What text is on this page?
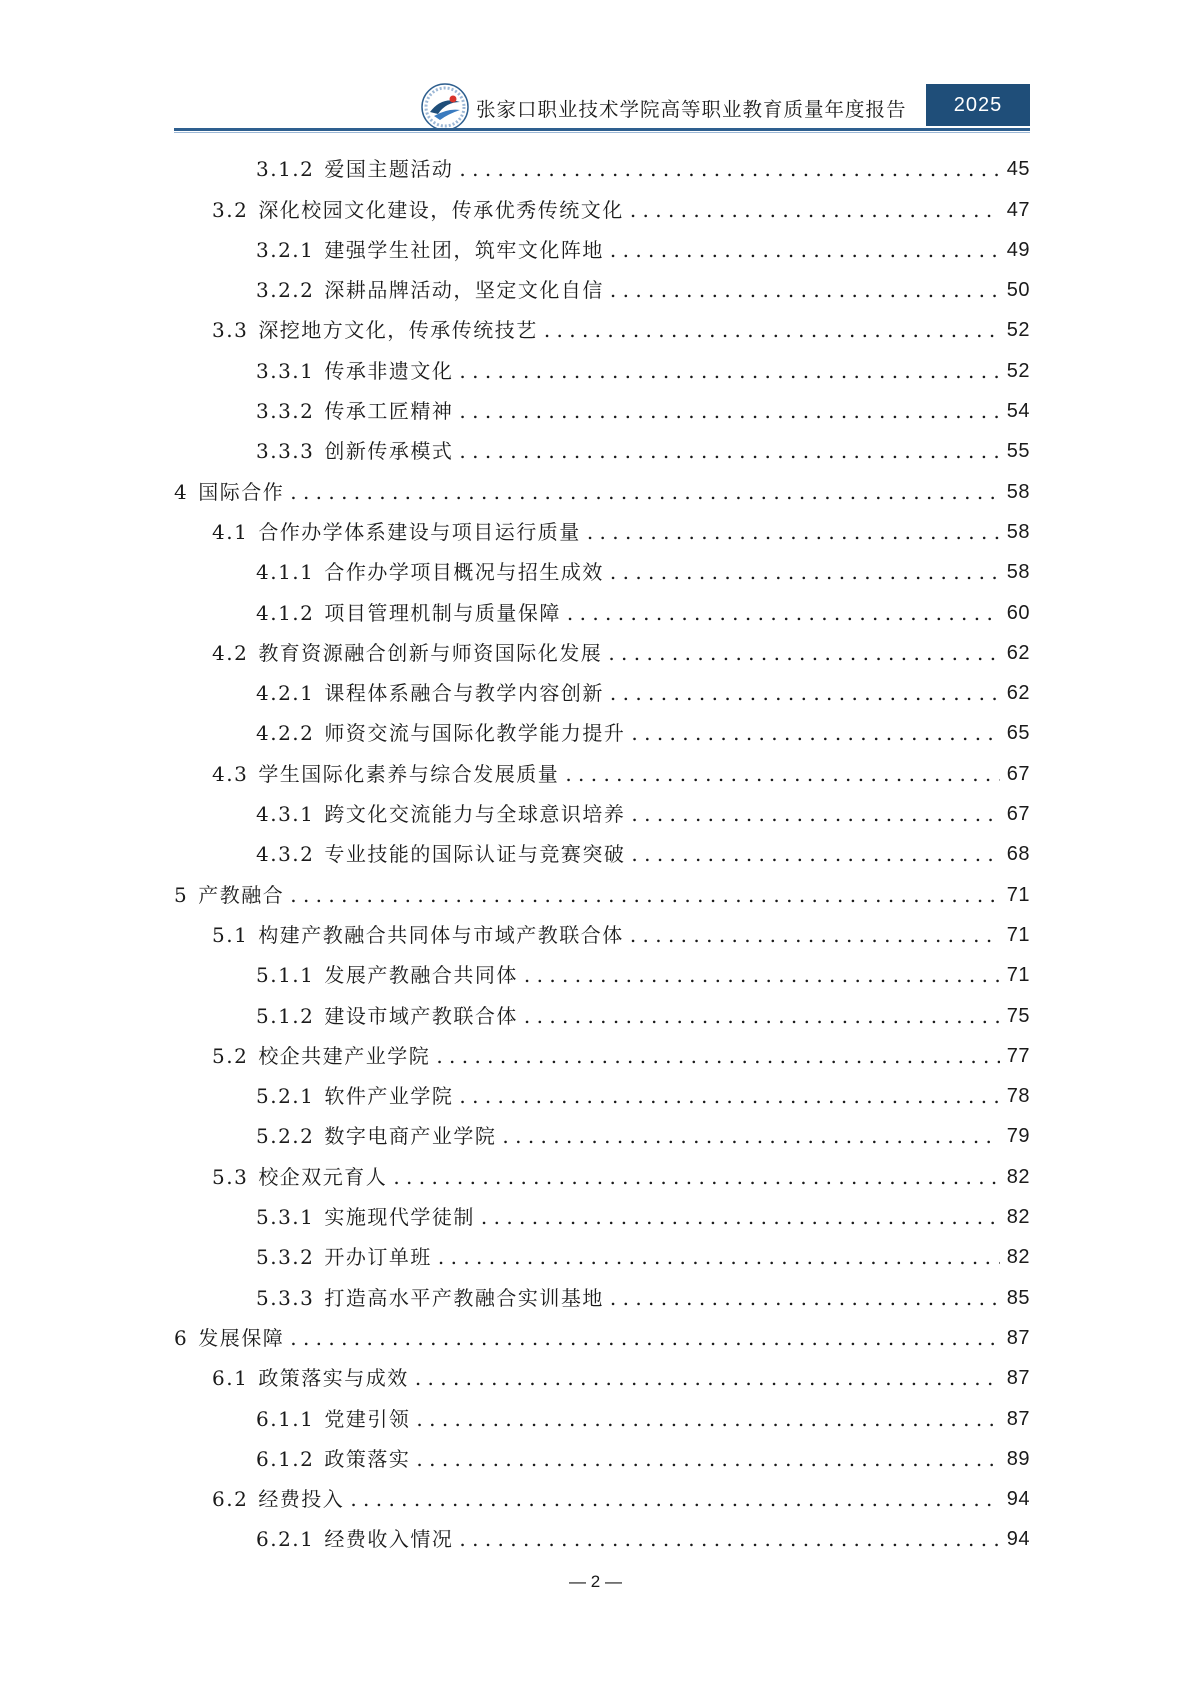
张家口职业技术学院高等职业教育质量年度报告	2025
3.1.2 爱国主题活动 . . .	45
3.2 深化校园文化建设，传承优秀传统文化 . . .	47
3.2.1 建强学生社团，筑牢文化阵地 . . .	49
3.2.2 深耕品牌活动，坚定文化自信 . . .	50
3.3 深挖地方文化，传承传统技艺 . . .	52
3.3.1 传承非遗文化 . . .	52
3.3.2 传承工匠精神 . . .	54
3.3.3 创新传承模式 . . .	55
4 国际合作 . . .	58
4.1 合作办学体系建设与项目运行质量 . . .	58
4.1.1 合作办学项目概况与招生成效 . . .	58
4.1.2 项目管理机制与质量保障 . . .	60
4.2 教育资源融合创新与师资国际化发展 . . .	62
4.2.1 课程体系融合与教学内容创新 . . .	62
4.2.2 师资交流与国际化教学能力提升 . . .	65
4.3 学生国际化素养与综合发展质量 . . .	67
4.3.1 跨文化交流能力与全球意识培养 . . .	67
4.3.2 专业技能的国际认证与竞赛突破 . . .	68
5 产教融合 . . .	71
5.1 构建产教融合共同体与市域产教联合体 . . .	71
5.1.1 发展产教融合共同体 . . .	71
5.1.2 建设市域产教联合体 . . .	75
5.2 校企共建产业学院 . . .	77
5.2.1 软件产业学院 . . .	78
5.2.2 数字电商产业学院 . . .	79
5.3 校企双元育人 . . .	82
5.3.1 实施现代学徒制 . . .	82
5.3.2 开办订单班 . . .	82
5.3.3 打造高水平产教融合实训基地 . . .	85
6 发展保障 . . .	87
6.1 政策落实与成效 . . .	87
6.1.1 党建引领 . . .	87
6.1.2 政策落实 . . .	89
6.2 经费投入 . . .	94
6.2.1 经费收入情况 . . .	94
— 2 —
